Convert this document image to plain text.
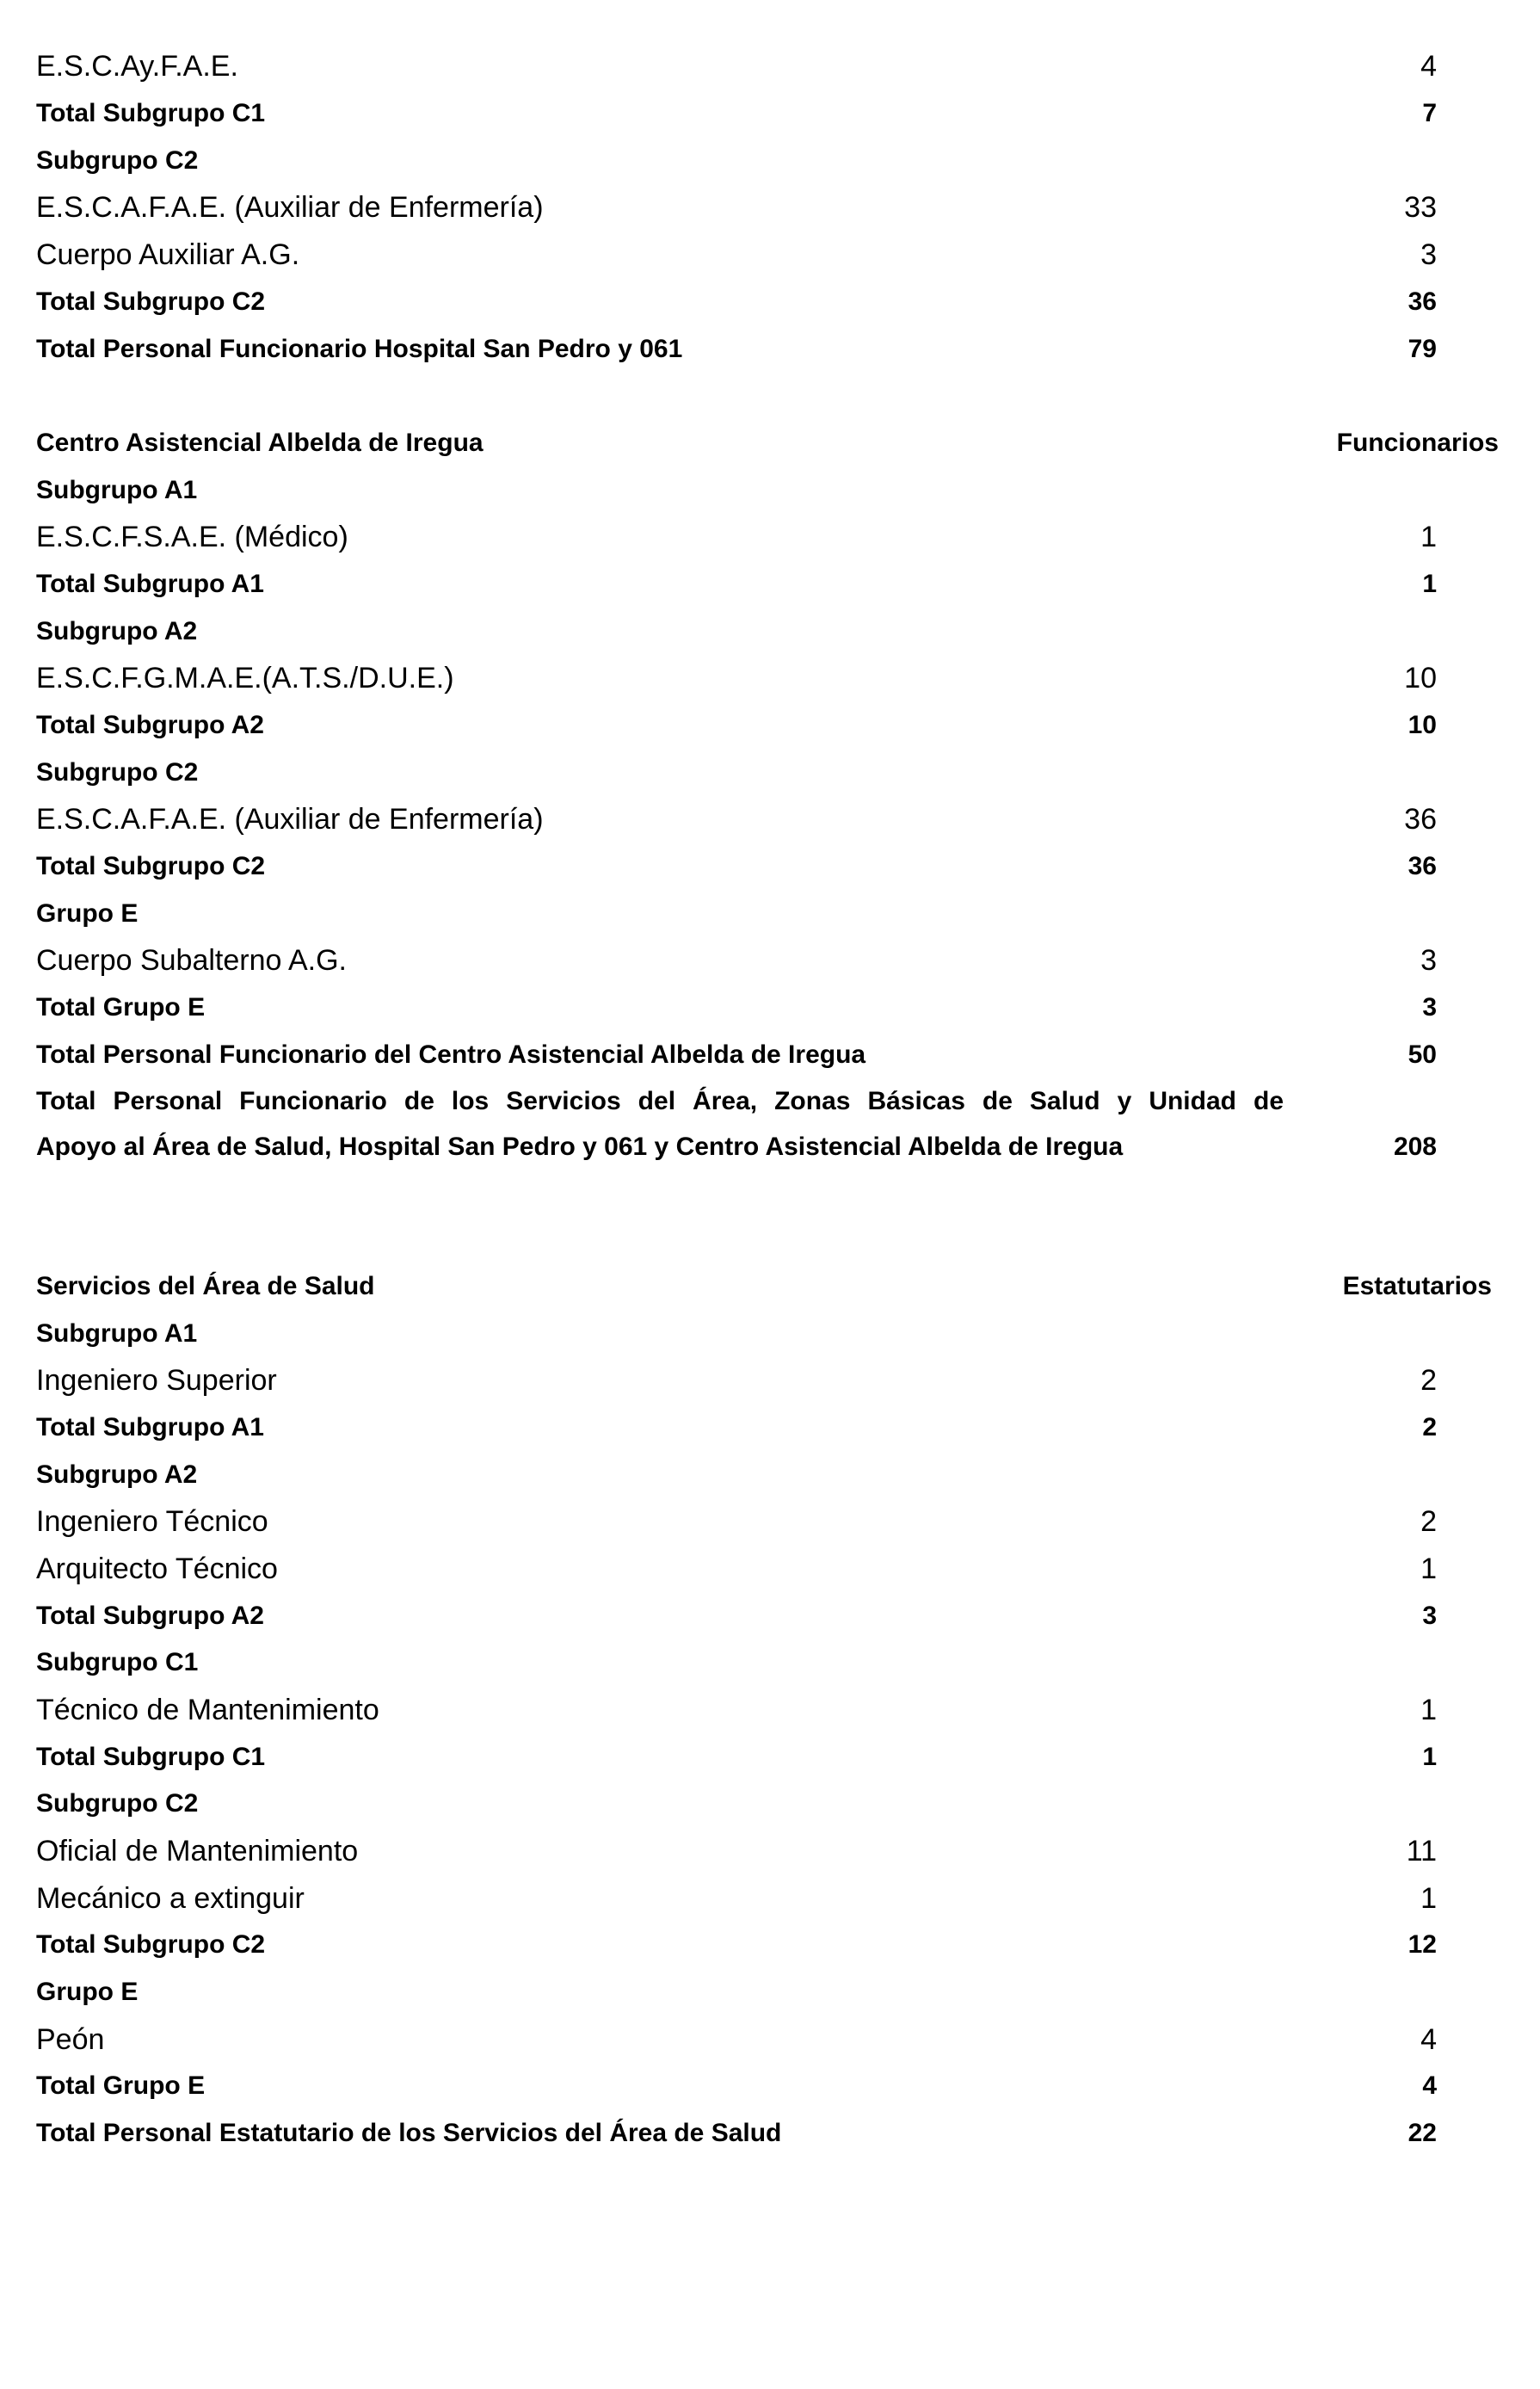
E.S.C.Ay.F.A.E.	4
Total Subgrupo C1	7
Subgrupo C2
E.S.C.A.F.A.E. (Auxiliar de Enfermería)	33
Cuerpo Auxiliar A.G.	3
Total Subgrupo C2	36
Total Personal Funcionario Hospital San Pedro y 061	79
Centro Asistencial Albelda de Iregua	Funcionarios
Subgrupo A1
E.S.C.F.S.A.E. (Médico)	1
Total Subgrupo A1	1
Subgrupo A2
E.S.C.F.G.M.A.E.(A.T.S./D.U.E.)	10
Total Subgrupo A2	10
Subgrupo C2
E.S.C.A.F.A.E. (Auxiliar de Enfermería)	36
Total Subgrupo C2	36
Grupo E
Cuerpo Subalterno A.G.	3
Total Grupo E	3
Total Personal Funcionario del Centro Asistencial Albelda de Iregua	50
Total Personal Funcionario de los Servicios del Área, Zonas Básicas de Salud y Unidad de
Apoyo al Área de Salud, Hospital San Pedro y 061 y Centro Asistencial Albelda de Iregua	208
Servicios del Área de Salud	Estatutarios
Subgrupo A1
Ingeniero Superior	2
Total Subgrupo A1	2
Subgrupo A2
Ingeniero Técnico	2
Arquitecto Técnico	1
Total Subgrupo A2	3
Subgrupo C1
Técnico de Mantenimiento	1
Total Subgrupo C1	1
Subgrupo C2
Oficial de Mantenimiento	11
Mecánico a extinguir	1
Total Subgrupo C2	12
Grupo E
Peón	4
Total Grupo E	4
Total Personal Estatutario de los Servicios del Área de Salud	22
